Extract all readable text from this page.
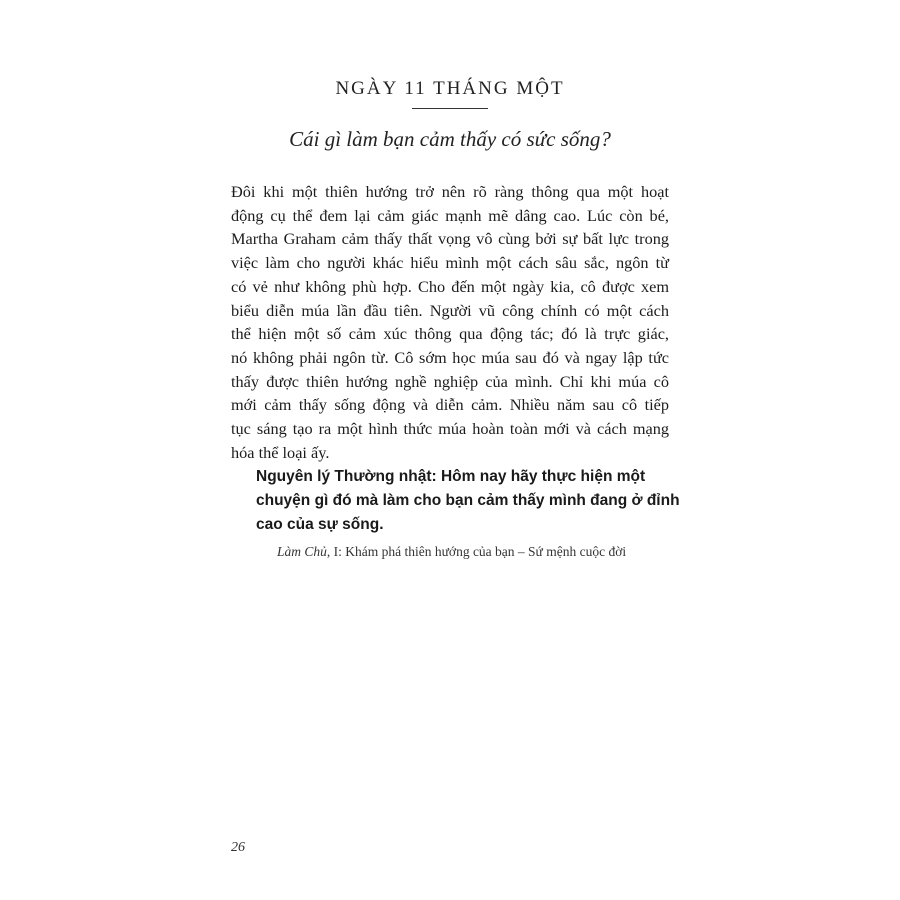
NGÀY 11 THÁNG MỘT
Cái gì làm bạn cảm thấy có sức sống?
Đôi khi một thiên hướng trở nên rõ ràng thông qua một hoạt
động cụ thể đem lại cảm giác mạnh mẽ dâng cao. Lúc còn bé,
Martha Graham cảm thấy thất vọng vô cùng bởi sự bất lực trong
việc làm cho người khác hiểu mình một cách sâu sắc, ngôn từ
có vẻ như không phù hợp. Cho đến một ngày kia, cô được xem
biểu diễn múa lần đầu tiên. Người vũ công chính có một cách
thể hiện một số cảm xúc thông qua động tác; đó là trực giác,
nó không phải ngôn từ. Cô sớm học múa sau đó và ngay lập tức
thấy được thiên hướng nghề nghiệp của mình. Chỉ khi múa cô
mới cảm thấy sống động và diễn cảm. Nhiều năm sau cô tiếp
tục sáng tạo ra một hình thức múa hoàn toàn mới và cách mạng
hóa thể loại ấy.
Nguyên lý Thường nhật: Hôm nay hãy thực hiện một
chuyện gì đó mà làm cho bạn cảm thấy mình đang ở đỉnh
cao của sự sống.
Làm Chủ, I: Khám phá thiên hướng của bạn – Sứ mệnh cuộc đời
26
